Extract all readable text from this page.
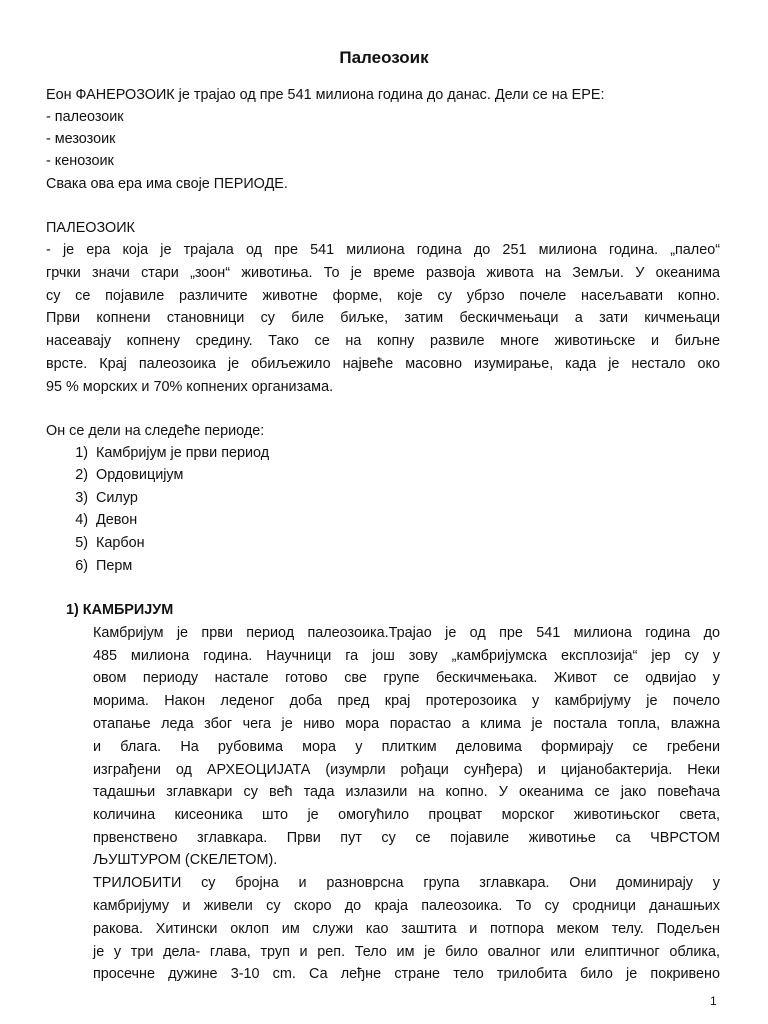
Палеозоик
Еон ФАНЕРОЗОИК је трајао од пре 541 милиона година до данас. Дели се на ЕРЕ:
- палеозоик
- мезозоик
- кенозоик
Свака ова ера има своје ПЕРИОДЕ.
ПАЛЕОЗОИК
- је ера која је трајала од пре 541 милиона година до 251 милиона година. „палео“
грчки значи стари „зоон“ животиња. То је време развоја живота на Земљи. У океанима
су се појавиле различите животне форме, које су убрзо почеле насељавати копно.
Први копнени становници су биле биљке, затим бескичмењаци а зати кичмењаци
насеавају копнену средину. Тако се на копну развиле многе животињске и биљне
врсте. Крај палеозоика је обиљежило највеће масовно изумирање, када је нестало око
95 % морских и 70% копнених организама.
Он се дели на следеће периоде:
1) Камбријум је први период
2) Ордовицијум
3) Силур
4) Девон
5) Карбон
6) Перм
1) КАМБРИЈУМ
Камбријум је први период палеозоика.Трајао је од пре 541 милиона година до
485 милиона година. Научници га још зову „камбријумска експлозија“ јер су у
овом периоду настале готово све групе бескичмењака. Живот се одвијао у
морима. Након леденог доба пред крај протерозоика у камбријуму је почело
отапање леда због чега је ниво мора порастао а клима је постала топла, влажна
и блага. На рубовима мора у плитким деловима формирају се гребени
изграђени од АРХЕОЦИЈАТА (изумрли рођаци сунђера) и цијанобактерија. Неки
тадашњи зглавкари су већ тада излазили на копно. У океанима се јако повећача
количина кисеоника што је омогућило процват морског животињског света,
првенствено зглавкара. Први пут су се појавиле животиње са ЧВРСТОМ
ЉУШТУРОМ (СКЕЛЕТОМ).
ТРИЛОБИТИ су бројна и разноврсна група зглавкара. Они доминирају у
камбријуму и живели су скоро до краја палеозоика. То су сродници данашњих
ракова. Хитински оклоп им служи као заштита и потпора меком телу. Подељен
је у три дела- глава, труп и реп. Тело им је било овалног или елиптичног облика,
просечне дужине 3-10 cm. Са леђне стране тело трилобита било је покривено
1
